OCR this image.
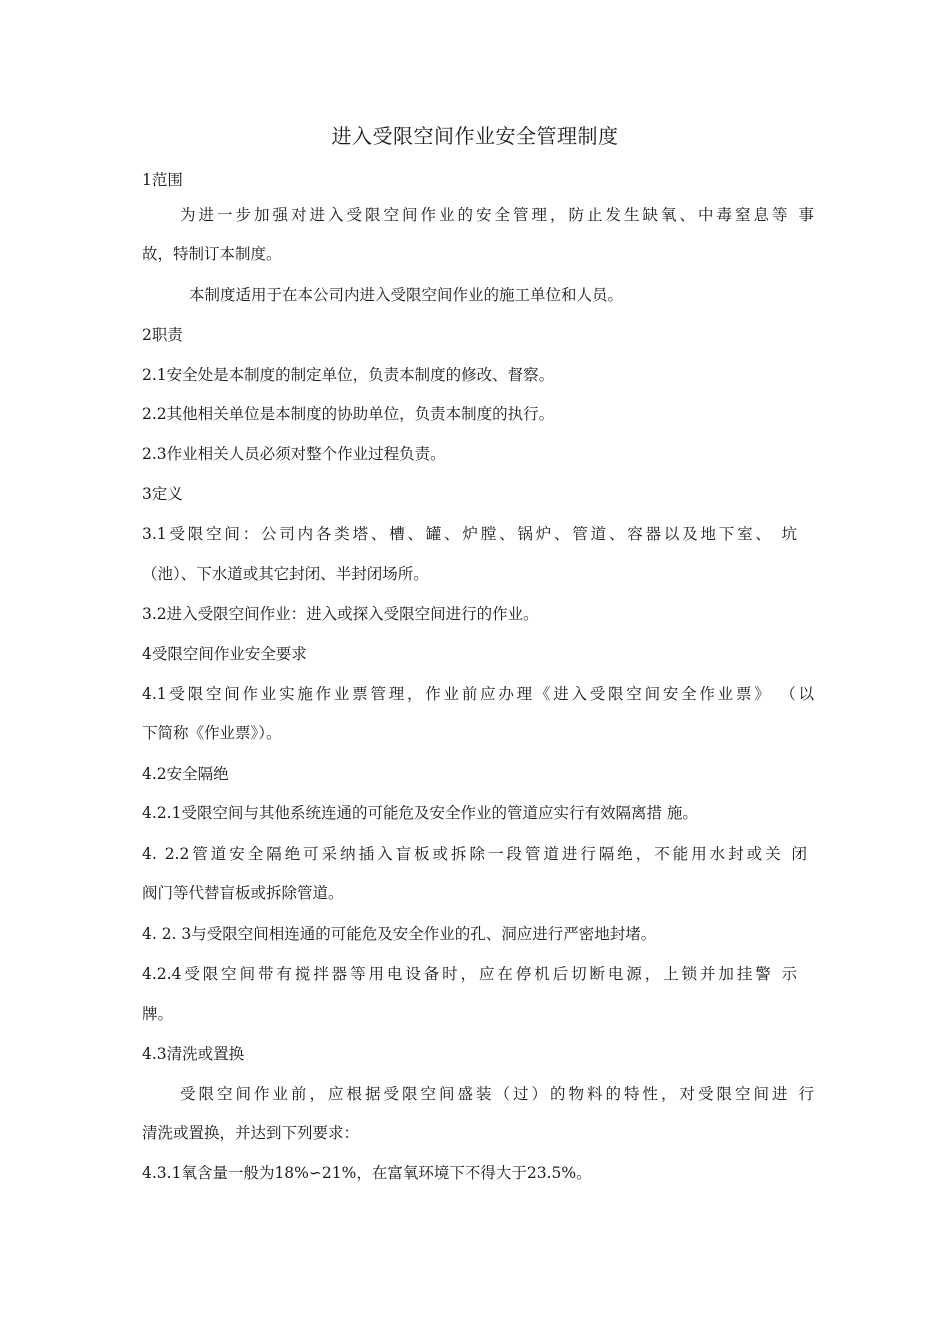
进入受限空间作业安全管理制度
1范围
为进一步加强对进入受限空间作业的安全管理，防止发生缺氧、中毒窒息等 事
故，特制订本制度。
本制度适用于在本公司内进入受限空间作业的施工单位和人员。
2职责
2.1安全处是本制度的制定单位，负责本制度的修改、督察。
2.2其他相关单位是本制度的协助单位，负责本制度的执行。
2.3作业相关人员必须对整个作业过程负责。
3定义
3.1受限空间：公司内各类塔、槽、罐、炉膛、锅炉、管道、容器以及地下室、 坑
（池）、下水道或其它封闭、半封闭场所。
3.2进入受限空间作业：进入或探入受限空间进行的作业。
4受限空间作业安全要求
4.1受限空间作业实施作业票管理，作业前应办理《进入受限空间安全作业票》 （以
下简称《作业票》）。
4.2安全隔绝
4.2.1受限空间与其他系统连通的可能危及安全作业的管道应实行有效隔离措 施。
4. 2.2管道安全隔绝可采纳插入盲板或拆除一段管道进行隔绝，不能用水封或关 闭
阀门等代替盲板或拆除管道。
4. 2. 3与受限空间相连通的可能危及安全作业的孔、洞应进行严密地封堵。
4.2.4受限空间带有搅拌器等用电设备时，应在停机后切断电源，上锁并加挂警 示
牌。
4.3清洗或置换
受限空间作业前，应根据受限空间盛装（过）的物料的特性，对受限空间进 行
清洗或置换，并达到下列要求：
4.3.1氧含量一般为18%∽21%，在富氧环境下不得大于23.5%。
